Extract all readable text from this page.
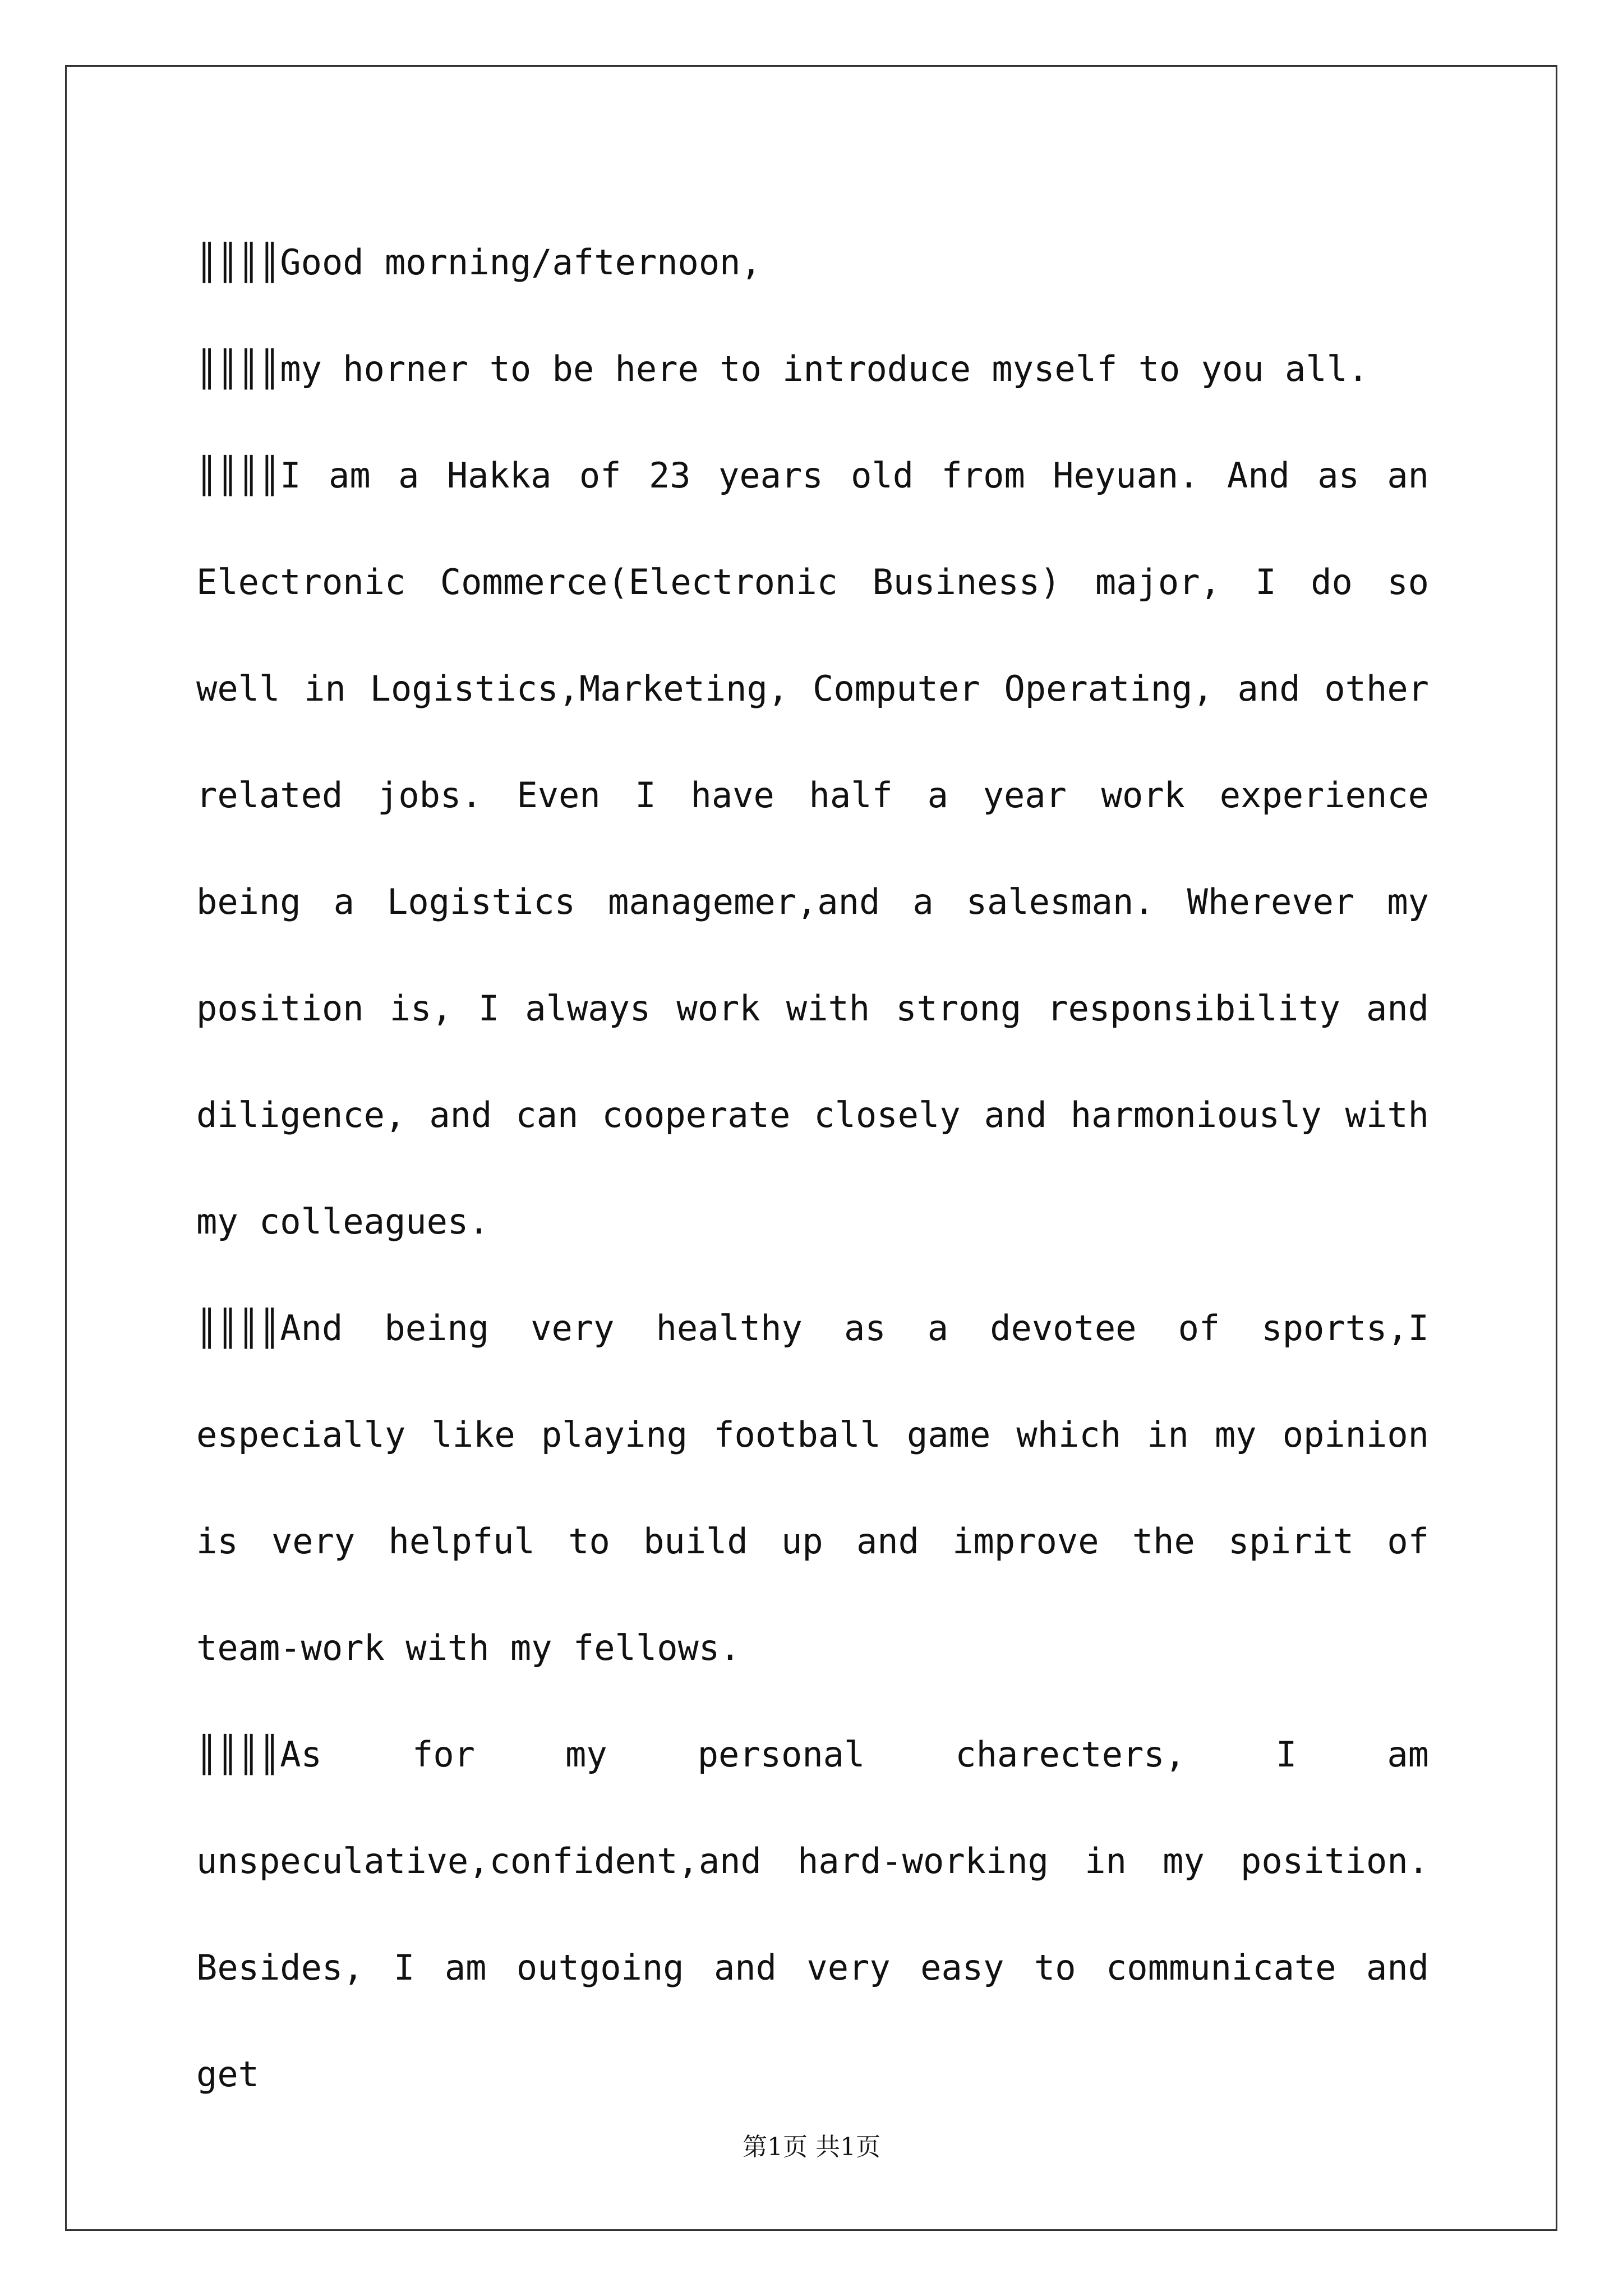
║║║║Good morning/afternoon,

║║║║my horner to be here to introduce myself to you all.

║║║║I am a Hakka of 23 years old from Heyuan. And as an Electronic Commerce(Electronic Business) major, I do so well in Logistics,Marketing, Computer Operating, and other related jobs. Even I have half a year work experience being a Logistics managemer,and a salesman. Wherever my position is, I always work with strong responsibility and diligence, and can cooperate closely and harmoniously with my colleagues.

║║║║And being very healthy as a devotee of sports,I especially like playing football game which in my opinion is very helpful to build up and improve the spirit of team-work with my fellows.

║║║║As for my personal charecters, I am unspeculative,confident,and hard-working in my position. Besides, I am outgoing and very easy to communicate and get

第1页 共1页
